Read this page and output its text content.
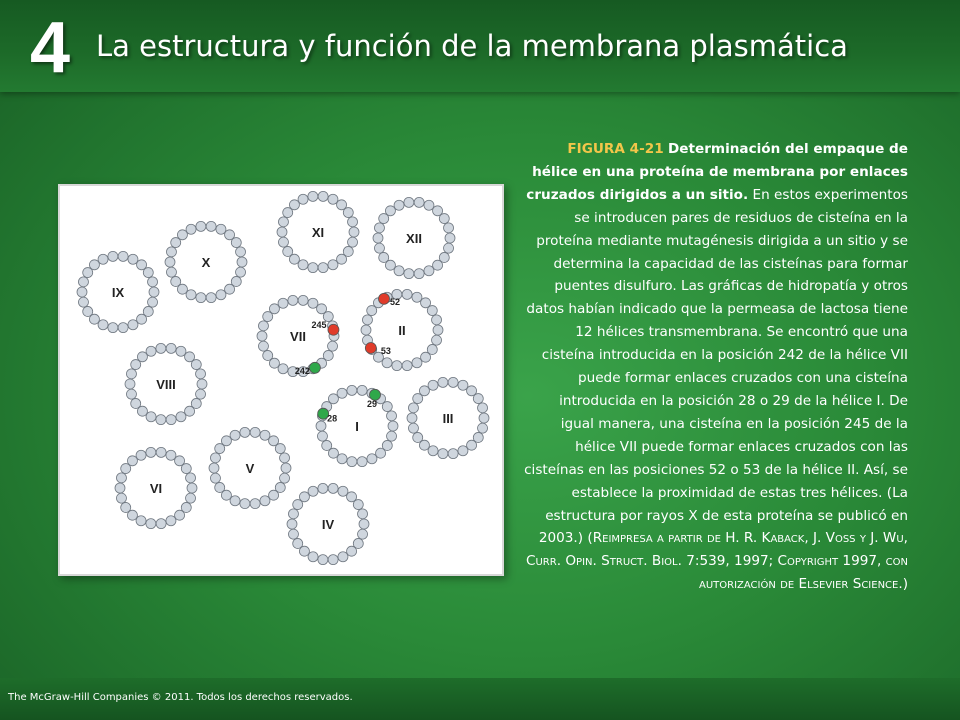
4 La estructura y función de la membrana plasmática
IX
X
XI	XII
VII	II
VIII
I
III
VI
V
IV
245
242
52
53
29
28
FIGURA 4-21 Determinación del empaque de hélice en una proteína de membrana por enlaces cruzados dirigidos a un sitio. En estos experimentos se introducen pares de residuos de cisteína en la proteína mediante mutagénesis dirigida a un sitio y se determina la capacidad de las cisteínas para formar puentes disulfuro. Las gráficas de hidropatía y otros datos habían indicado que la permeasa de lactosa tiene 12 hélices transmembrana. Se encontró que una cisteína introducida en la posición 242 de la hélice VII puede formar enlaces cruzados con una cisteína introducida en la posición 28 o 29 de la hélice I. De igual manera, una cisteína en la posición 245 de la hélice VII puede formar enlaces cruzados con las cisteínas en las posiciones 52 o 53 de la hélice II. Así, se establece la proximidad de estas tres hélices. (La estructura por rayos X de esta proteína se publicó en 2003.) (Reimpresa a partir de H. R. Kaback, J. Voss y J. Wu, Curr. Opin. Struct. Biol. 7:539, 1997; Copyright 1997, con autorización de Elsevier Science.)
The McGraw-Hill Companies © 2011. Todos los derechos reservados.
